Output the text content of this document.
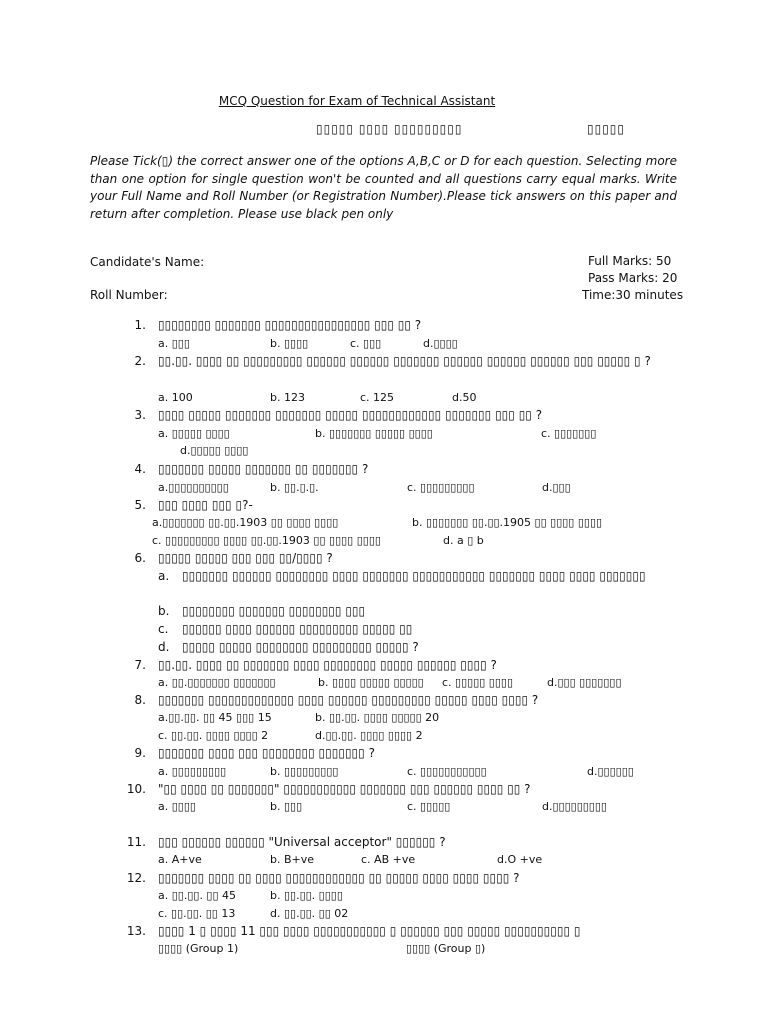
MCQ Question for Exam of Technical Assistant
▯▯▯▯▯ ▯▯▯▯ ▯▯▯▯▯▯▯▯▯	▯▯▯▯▯
Please Tick(▯) the correct answer one of the options A,B,C or D for each question. Selecting more than one option for single question won't be counted and all questions carry equal marks. Write your Full Name and Roll Number (or Registration Number).Please tick answers on this paper and return after completion. Please use black pen only
Candidate's Name:
Roll Number:
Full Marks: 50
Pass Marks: 20
Time:30 minutes
1. ▯▯▯▯▯▯▯▯ ▯▯▯▯▯▯▯ ▯▯▯▯▯▯▯▯▯▯▯▯▯▯▯▯ ▯▯▯ ▯▯ ?
a. ▯▯▯	b. ▯▯▯▯	c. ▯▯▯	d.▯▯▯▯
2. ▯▯.▯▯. ▯▯▯▯ ▯▯ ▯▯▯▯▯▯▯▯▯ ▯▯▯▯▯▯ ▯▯▯▯▯▯ ▯▯▯▯▯▯▯ ▯▯▯▯▯▯ ▯▯▯▯▯▯ ▯▯▯▯▯▯ ▯▯▯ ▯▯▯▯▯ ▯ ?
a. 100	b. 123	c. 125	d.50
3. ▯▯▯▯ ▯▯▯▯▯ ▯▯▯▯▯▯▯ ▯▯▯▯▯▯▯ ▯▯▯▯▯ ▯▯▯▯▯▯▯▯▯▯▯▯ ▯▯▯▯▯▯▯ ▯▯▯ ▯▯ ?
a. ▯▯▯▯▯ ▯▯▯▯	b. ▯▯▯▯▯▯▯ ▯▯▯▯▯ ▯▯▯▯	c. ▯▯▯▯▯▯▯
d.▯▯▯▯▯ ▯▯▯▯
4. ▯▯▯▯▯▯▯ ▯▯▯▯▯ ▯▯▯▯▯▯▯ ▯▯ ▯▯▯▯▯▯▯ ?
a.▯▯▯▯▯▯▯▯▯▯	b. ▯▯.▯.▯.	c. ▯▯▯▯▯▯▯▯▯	d.▯▯▯
5. ▯▯▯ ▯▯▯▯ ▯▯▯ ▯?-
a.▯▯▯▯▯▯▯ ▯▯.▯▯.1903 ▯▯ ▯▯▯▯ ▯▯▯▯	b. ▯▯▯▯▯▯▯ ▯▯.▯▯.1905 ▯▯ ▯▯▯▯ ▯▯▯▯
c. ▯▯▯▯▯▯▯▯▯ ▯▯▯▯ ▯▯.▯▯.1903 ▯▯ ▯▯▯▯ ▯▯▯▯	d. a ▯ b
6. ▯▯▯▯▯ ▯▯▯▯▯ ▯▯▯ ▯▯▯ ▯▯/▯▯▯▯ ?
a. ▯▯▯▯▯▯▯ ▯▯▯▯▯▯ ▯▯▯▯▯▯▯▯ ▯▯▯▯ ▯▯▯▯▯▯▯ ▯▯▯▯▯▯▯▯▯▯▯ ▯▯▯▯▯▯▯ ▯▯▯▯ ▯▯▯▯ ▯▯▯▯▯▯▯
b. ▯▯▯▯▯▯▯▯ ▯▯▯▯▯▯▯ ▯▯▯▯▯▯▯▯ ▯▯▯
c. ▯▯▯▯▯▯ ▯▯▯▯ ▯▯▯▯▯▯ ▯▯▯▯▯▯▯▯▯ ▯▯▯▯▯ ▯▯
d. ▯▯▯▯▯ ▯▯▯▯▯ ▯▯▯▯▯▯▯▯ ▯▯▯▯▯▯▯▯▯ ▯▯▯▯▯ ?
7. ▯▯.▯▯. ▯▯▯▯ ▯▯ ▯▯▯▯▯▯▯ ▯▯▯▯ ▯▯▯▯▯▯▯▯ ▯▯▯▯▯ ▯▯▯▯▯▯ ▯▯▯▯ ?
a. ▯▯.▯▯▯▯▯▯▯ ▯▯▯▯▯▯▯	b. ▯▯▯▯ ▯▯▯▯▯ ▯▯▯▯▯ c. ▯▯▯▯▯ ▯▯▯▯	d.▯▯▯ ▯▯▯▯▯▯▯
8. ▯▯▯▯▯▯▯ ▯▯▯▯▯▯▯▯▯▯▯▯▯ ▯▯▯▯ ▯▯▯▯▯▯ ▯▯▯▯▯▯▯▯▯ ▯▯▯▯▯ ▯▯▯▯ ▯▯▯▯ ?
a.▯▯.▯▯. ▯▯ 45 ▯▯▯ 15	b. ▯▯.▯▯. ▯▯▯▯ ▯▯▯▯▯ 20
c. ▯▯.▯▯. ▯▯▯▯ ▯▯▯▯ 2	d.▯▯.▯▯. ▯▯▯▯ ▯▯▯▯ 2
9. ▯▯▯▯▯▯▯ ▯▯▯▯ ▯▯▯ ▯▯▯▯▯▯▯▯ ▯▯▯▯▯▯▯ ?
a. ▯▯▯▯▯▯▯▯▯	b. ▯▯▯▯▯▯▯▯▯	c. ▯▯▯▯▯▯▯▯▯▯▯	d.▯▯▯▯▯▯
10. "▯▯ ▯▯▯▯ ▯▯ ▯▯▯▯▯▯▯" ▯▯▯▯▯▯▯▯▯▯▯ ▯▯▯▯▯▯▯ ▯▯▯ ▯▯▯▯▯▯ ▯▯▯▯ ▯▯ ?
a. ▯▯▯▯	b. ▯▯▯	c. ▯▯▯▯▯	d.▯▯▯▯▯▯▯▯▯
11. ▯▯▯ ▯▯▯▯▯▯ ▯▯▯▯▯▯ "Universal acceptor" ▯▯▯▯▯▯ ?
a. A+ve	b. B+ve	c. AB +ve	d.O +ve
12. ▯▯▯▯▯▯▯ ▯▯▯▯ ▯▯ ▯▯▯▯ ▯▯▯▯▯▯▯▯▯▯▯▯ ▯▯ ▯▯▯▯▯ ▯▯▯▯ ▯▯▯▯ ▯▯▯▯ ?
a. ▯▯.▯▯. ▯▯ 45	b. ▯▯.▯▯. ▯▯▯▯
c. ▯▯.▯▯. ▯▯ 13	d. ▯▯.▯▯. ▯▯ 02
13. ▯▯▯▯ 1 ▯ ▯▯▯▯ 11 ▯▯▯ ▯▯▯▯ ▯▯▯▯▯▯▯▯▯▯▯ ▯ ▯▯▯▯▯▯ ▯▯▯ ▯▯▯▯▯ ▯▯▯▯▯▯▯▯▯▯ ▯
▯▯▯▯ (Group 1)	▯▯▯▯ (Group ▯)
